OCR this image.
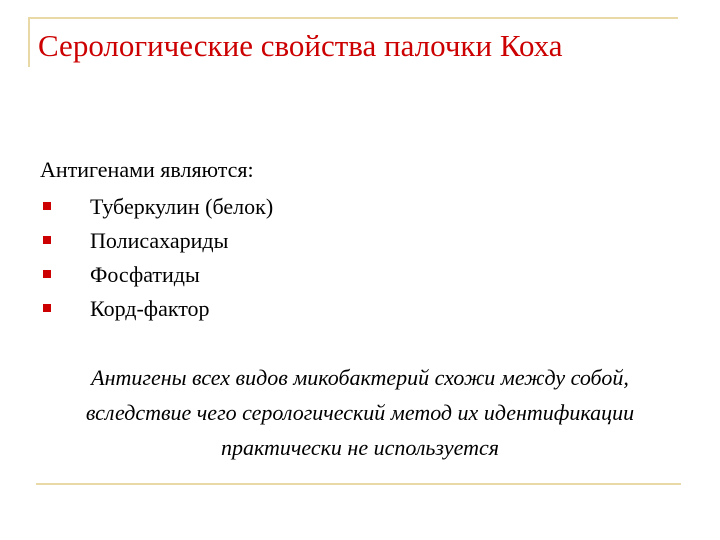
Серологические свойства палочки Коха
Антигенами являются:
Туберкулин (белок)
Полисахариды
Фосфатиды
Корд-фактор

Антигены всех видов микобактерий схожи между собой, вследствие чего серологический метод их идентификации практически не используется
